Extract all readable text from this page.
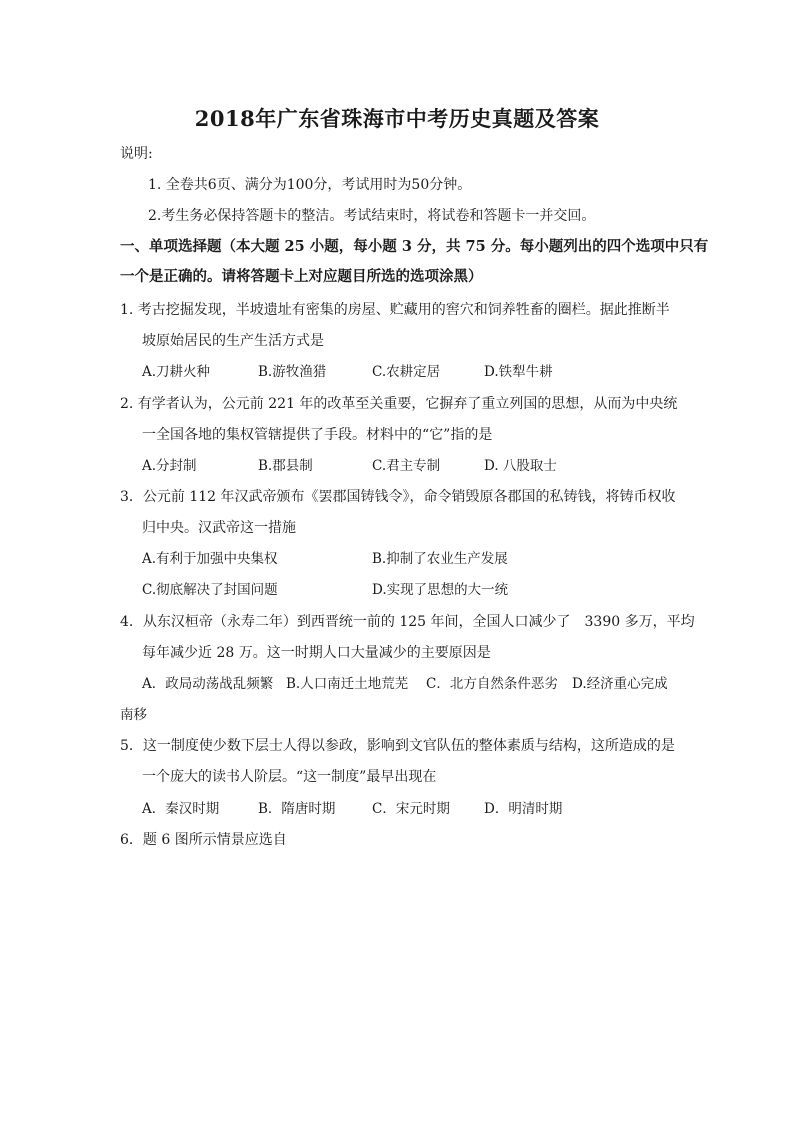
2018年广东省珠海市中考历史真题及答案
说明:
1. 全卷共6页、满分为100分，考试用时为50分钟。
2.考生务必保持答题卡的整洁。考试结束时，将试卷和答题卡一并交回。
一、单项选择题（本大题 25 小题，每小题 3 分，共 75 分。每小题列出的四个选项中只有
一个是正确的。请将答题卡上对应题目所选的选项涂黑）
1. 考古挖掘发现，半坡遗址有密集的房屋、贮藏用的窖穴和饲养牲畜的圈栏。据此推断半
坡原始居民的生产生活方式是
A.刀耕火种	B.游牧渔猎	C.农耕定居	D.铁犁牛耕
2. 有学者认为，公元前 221 年的改革至关重要，它摒弃了重立列国的思想，从而为中央统
一全国各地的集权管辖提供了手段。材料中的“它”指的是
A.分封制	B.郡县制	C.君主专制	D. 八股取士
3．公元前 112 年汉武帝颁布《罢郡国铸钱令》，命令销毁原各郡国的私铸钱，将铸币权收
归中央。汉武帝这一措施
A.有利于加强中央集权	B.抑制了农业生产发展
C.彻底解决了封国问题	D.实现了思想的大一统
4．从东汉桓帝（永寿二年）到西晋统一前的 125 年间，全国人口减少了　3390 多万，平均
每年减少近 28 万。这一时期人口大量减少的主要原因是
A．政局动荡战乱频繁 B.人口南迁土地荒芜 C．北方自然条件恶劣 D.经济重心完成
南移
5．这一制度使少数下层士人得以参政，影响到文官队伍的整体素质与结构，这所造成的是
一个庞大的读书人阶层。“这一制度”最早出现在
A．秦汉时期	B．隋唐时期	C．宋元时期	D．明清时期
6．题 6 图所示情景应选自
